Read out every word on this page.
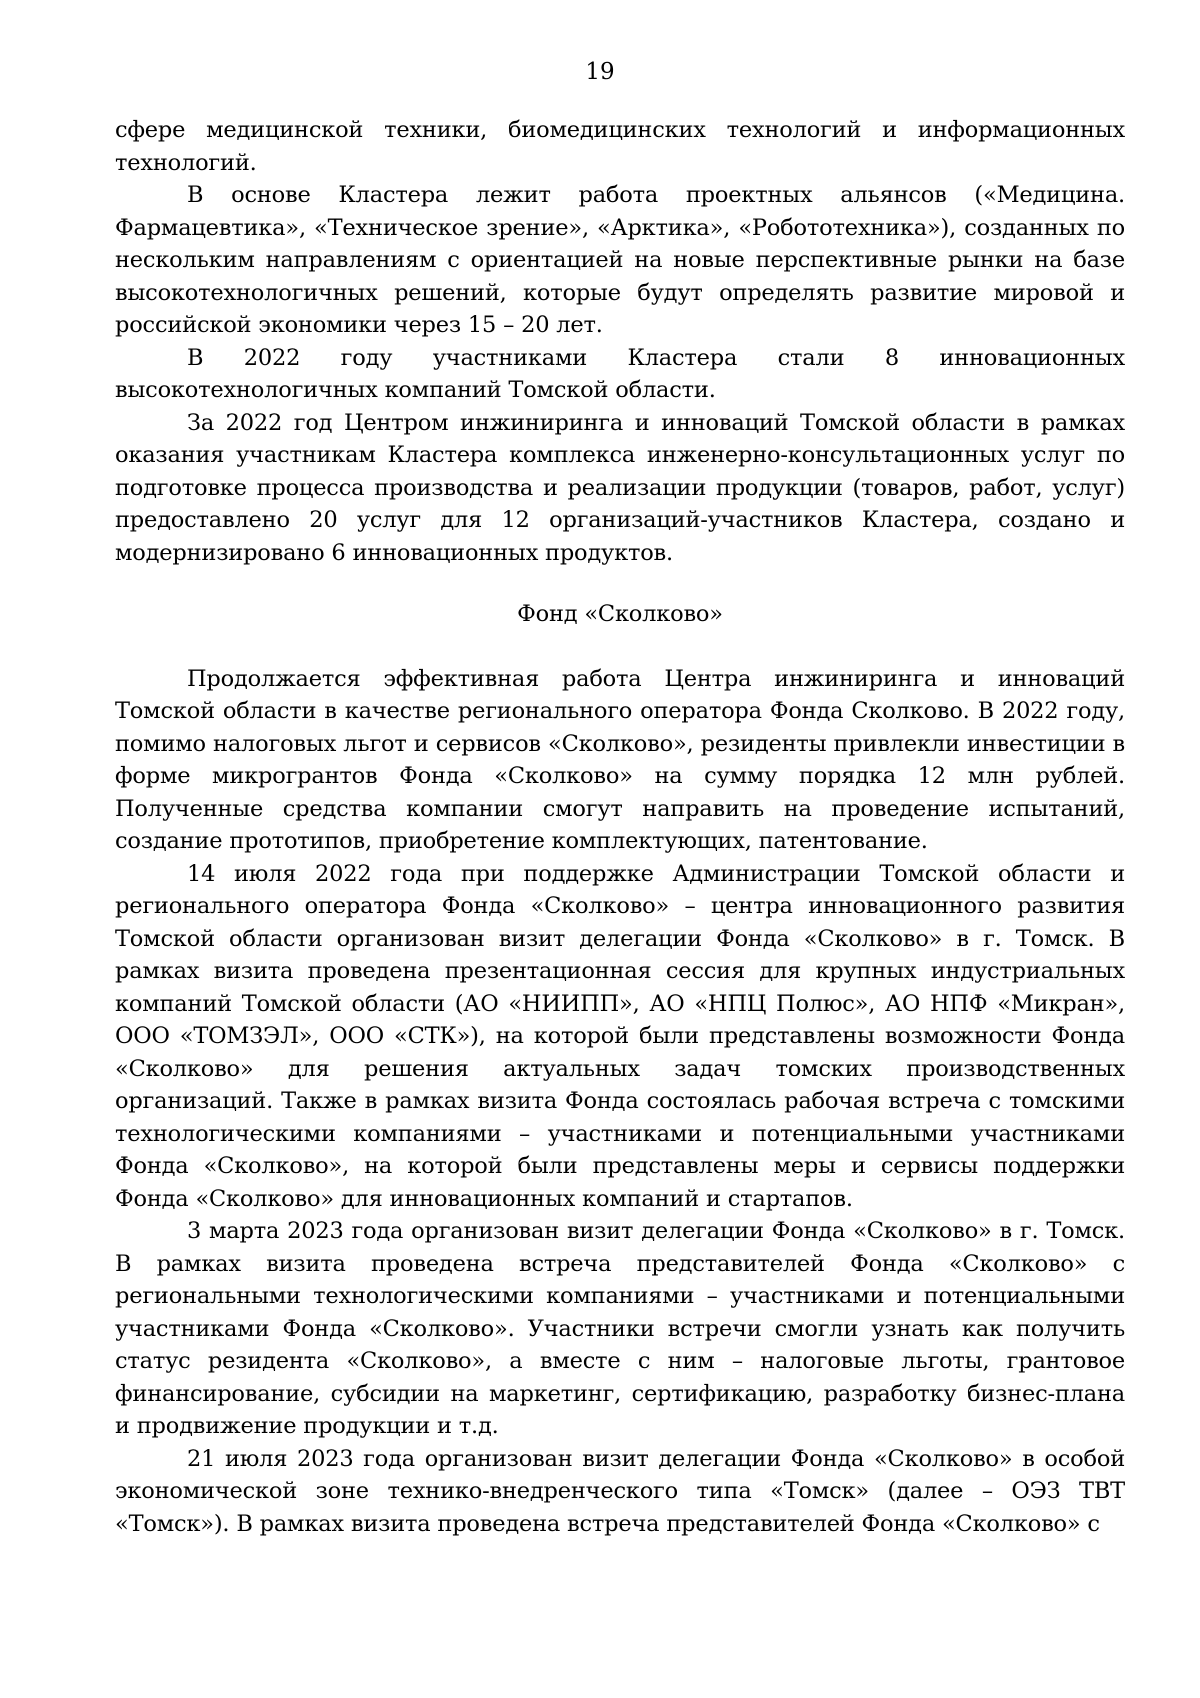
19

сфере медицинской техники, биомедицинских технологий и информационных технологий.

В основе Кластера лежит работа проектных альянсов («Медицина. Фармацевтика», «Техническое зрение», «Арктика», «Робототехника»), созданных по нескольким направлениям с ориентацией на новые перспективные рынки на базе высокотехнологичных решений, которые будут определять развитие мировой и российской экономики через 15 – 20 лет.

В 2022 году участниками Кластера стали 8 инновационных высокотехнологичных компаний Томской области.

За 2022 год Центром инжиниринга и инноваций Томской области в рамках оказания участникам Кластера комплекса инженерно-консультационных услуг по подготовке процесса производства и реализации продукции (товаров, работ, услуг) предоставлено 20 услуг для 12 организаций-участников Кластера, создано и модернизировано 6 инновационных продуктов.

Фонд «Сколково»

Продолжается эффективная работа Центра инжиниринга и инноваций Томской области в качестве регионального оператора Фонда Сколково. В 2022 году, помимо налоговых льгот и сервисов «Сколково», резиденты привлекли инвестиции в форме микрогрантов Фонда «Сколково» на сумму порядка 12 млн рублей. Полученные средства компании смогут направить на проведение испытаний, создание прототипов, приобретение комплектующих, патентование.

14 июля 2022 года при поддержке Администрации Томской области и регионального оператора Фонда «Сколково» – центра инновационного развития Томской области организован визит делегации Фонда «Сколково» в г. Томск. В рамках визита проведена презентационная сессия для крупных индустриальных компаний Томской области (АО «НИИПП», АО «НПЦ Полюс», АО НПФ «Микран», ООО «ТОМЗЭЛ», ООО «СТК»), на которой были представлены возможности Фонда «Сколково» для решения актуальных задач томских производственных организаций. Также в рамках визита Фонда состоялась рабочая встреча с томскими технологическими компаниями – участниками и потенциальными участниками Фонда «Сколково», на которой были представлены меры и сервисы поддержки Фонда «Сколково» для инновационных компаний и стартапов.

3 марта 2023 года организован визит делегации Фонда «Сколково» в г. Томск. В рамках визита проведена встреча представителей Фонда «Сколково» с региональными технологическими компаниями – участниками и потенциальными участниками Фонда «Сколково». Участники встречи смогли узнать как получить статус резидента «Сколково», а вместе с ним – налоговые льготы, грантовое финансирование, субсидии на маркетинг, сертификацию, разработку бизнес-плана и продвижение продукции и т.д.

21 июля 2023 года организован визит делегации Фонда «Сколково» в особой экономической зоне технико-внедренческого типа «Томск» (далее – ОЭЗ ТВТ «Томск»). В рамках визита проведена встреча представителей Фонда «Сколково» с
